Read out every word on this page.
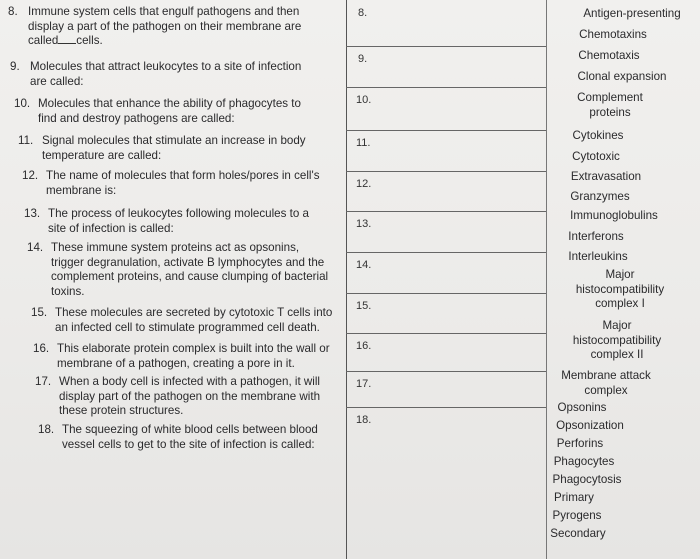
8. Immune system cells that engulf pathogens and then
display a part of the pathogen on their membrane are
called cells.
9. Molecules that attract leukocytes to a site of infection
are called:
10. Molecules that enhance the ability of phagocytes to
find and destroy pathogens are called:
11. Signal molecules that stimulate an increase in body
temperature are called:
12. The name of molecules that form holes/pores in cell's
membrane is:
13. The process of leukocytes following molecules to a
site of infection is called:
14. These immune system proteins act as opsonins,
trigger degranulation, activate B lymphocytes and the
complement proteins, and cause clumping of bacterial
toxins.
15. These molecules are secreted by cytotoxic T cells into
an infected cell to stimulate programmed cell death.
16. This elaborate protein complex is built into the wall or
membrane of a pathogen, creating a pore in it.
17. When a body cell is infected with a pathogen, it will
display part of the pathogen on the membrane with
these protein structures.
18. The squeezing of white blood cells between blood
vessel cells to get to the site of infection is called:
8.
9.
10.
11.
12.
13.
14.
15.
16.
17.
18.
Antigen-presenting
Chemotaxins
Chemotaxis
Clonal expansion
Complement
proteins
Cytokines
Cytotoxic
Extravasation
Granzymes
Immunoglobulins
Interferons
Interleukins
Major
histocompatibility
complex I
Major
histocompatibility
complex II
Membrane attack
complex
Opsonins
Opsonization
Perforins
Phagocytes
Phagocytosis
Primary
Pyrogens
Secondary
